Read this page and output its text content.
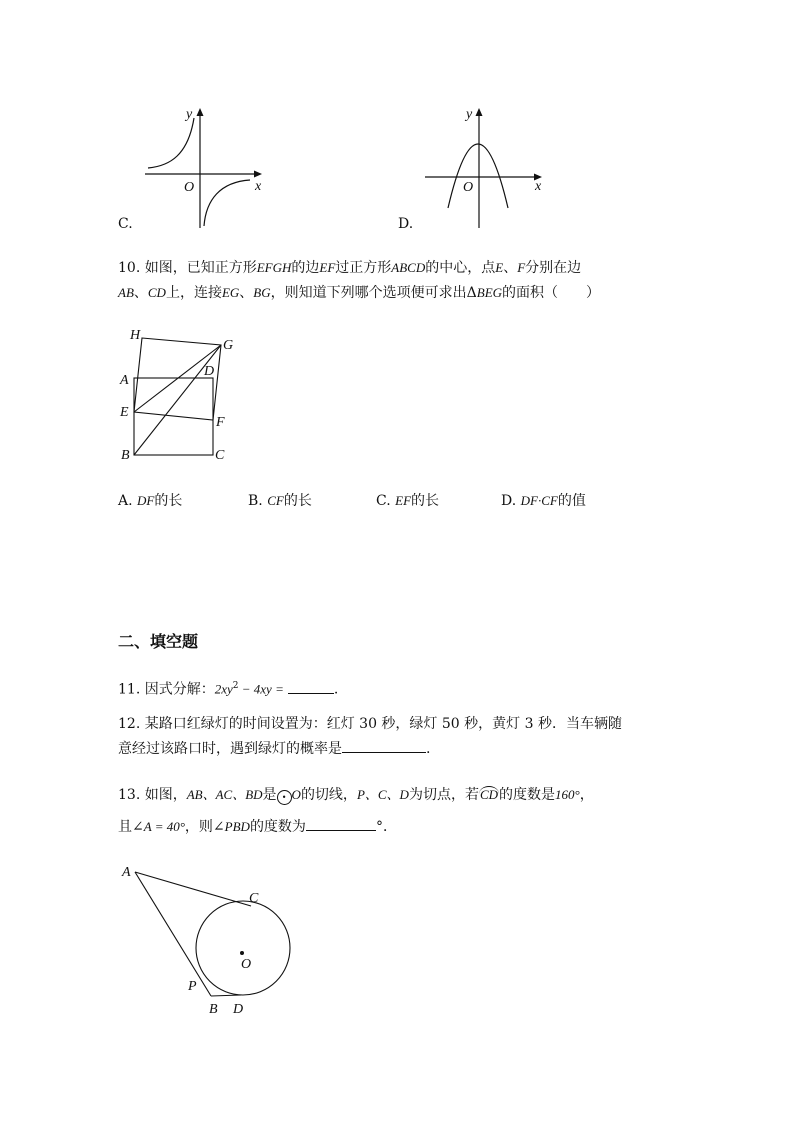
y
x
O
C.
y
x
O
D.
10. 如图，已知正方形EFGH的边EF过正方形ABCD的中心，点E、F分别在边
AB、CD上，连接EG、BG，则知道下列哪个选项便可求出ΔBEG的面积（　　）
H
G
A
D
E
F
B	C
A. DF的长	B. CF的长	C. EF的长	D. DF·CF的值
二、填空题
11. 因式分解：$2xy^2 - 4xy$ =	.
12. 某路口红绿灯的时间设置为：红灯 30 秒，绿灯 50 秒，黄灯 3 秒．当车辆随
意经过该路口时，遇到绿灯的概率是	.
13. 如图，AB、AC、BD是 • O的切线，P、C、D为切点，若CD的度数是160°，
且∠A = 40°，则∠PBD的度数为	°．
A
C
O
P
B D
